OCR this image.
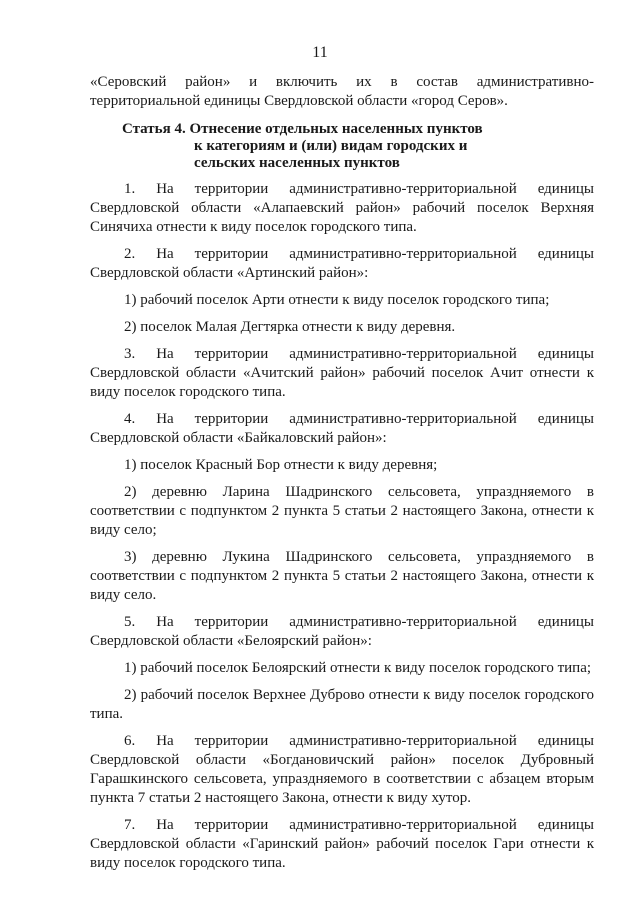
11

«Серовский район» и включить их в состав административно-территориальной единицы Свердловской области «город Серов».

Статья 4. Отнесение отдельных населенных пунктов
к категориям и (или) видам городских и
сельских населенных пунктов

1. На территории административно-территориальной единицы Свердловской области «Алапаевский район» рабочий поселок Верхняя Синячиха отнести к виду поселок городского типа.

2. На территории административно-территориальной единицы Свердловской области «Артинский район»:

1) рабочий поселок Арти отнести к виду поселок городского типа;

2) поселок Малая Дегтярка отнести к виду деревня.

3. На территории административно-территориальной единицы Свердловской области «Ачитский район» рабочий поселок Ачит отнести к виду поселок городского типа.

4. На территории административно-территориальной единицы Свердловской области «Байкаловский район»:

1) поселок Красный Бор отнести к виду деревня;

2) деревню Ларина Шадринского сельсовета, упраздняемого в соответствии с подпунктом 2 пункта 5 статьи 2 настоящего Закона, отнести к виду село;

3) деревню Лукина Шадринского сельсовета, упраздняемого в соответствии с подпунктом 2 пункта 5 статьи 2 настоящего Закона, отнести к виду село.

5. На территории административно-территориальной единицы Свердловской области «Белоярский район»:

1) рабочий поселок Белоярский отнести к виду поселок городского типа;

2) рабочий поселок Верхнее Дуброво отнести к виду поселок городского типа.

6. На территории административно-территориальной единицы Свердловской области «Богдановичский район» поселок Дубровный Гарашкинского сельсовета, упраздняемого в соответствии с абзацем вторым пункта 7 статьи 2 настоящего Закона, отнести к виду хутор.

7. На территории административно-территориальной единицы Свердловской области «Гаринский район» рабочий поселок Гари отнести к виду поселок городского типа.
